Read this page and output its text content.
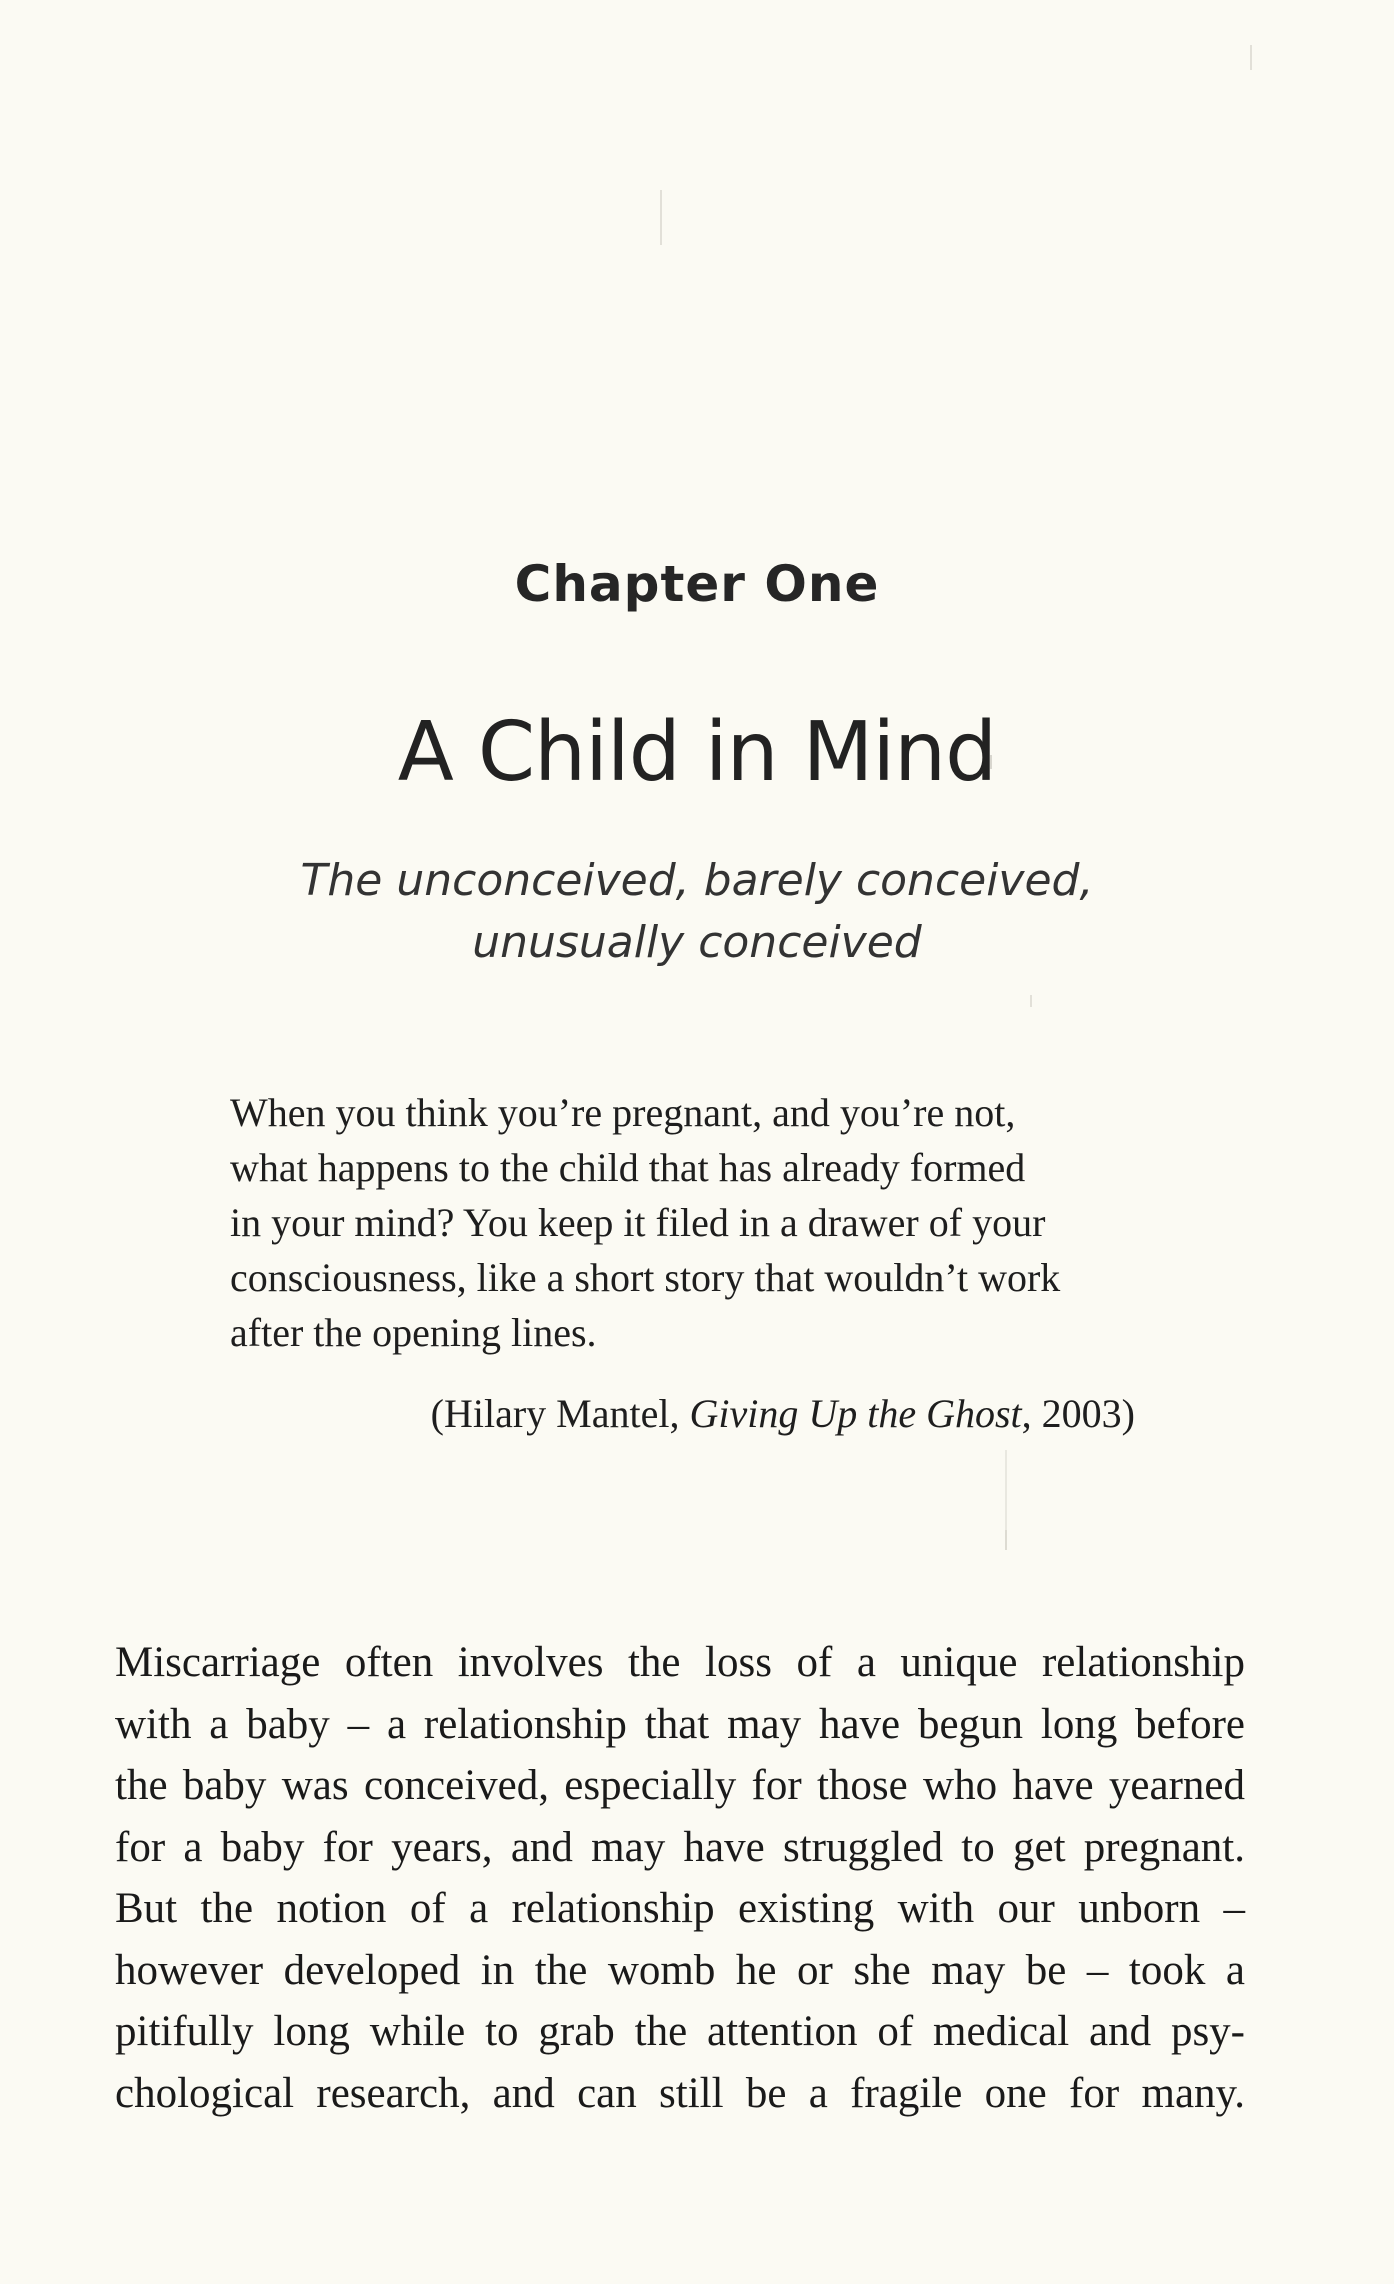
Chapter One
A Child in Mind
The unconceived, barely conceived,
unusually conceived
When you think you’re pregnant, and you’re not,
what happens to the child that has already formed
in your mind? You keep it filed in a drawer of your
consciousness, like a short story that wouldn’t work
after the opening lines.
(Hilary Mantel, Giving Up the Ghost, 2003)
Miscarriage often involves the loss of a unique relationship
with a baby – a relationship that may have begun long before
the baby was conceived, especially for those who have yearned
for a baby for years, and may have struggled to get pregnant.
But the notion of a relationship existing with our unborn –
however developed in the womb he or she may be – took a
pitifully long while to grab the attention of medical and psy-
chological research, and can still be a fragile one for many.
